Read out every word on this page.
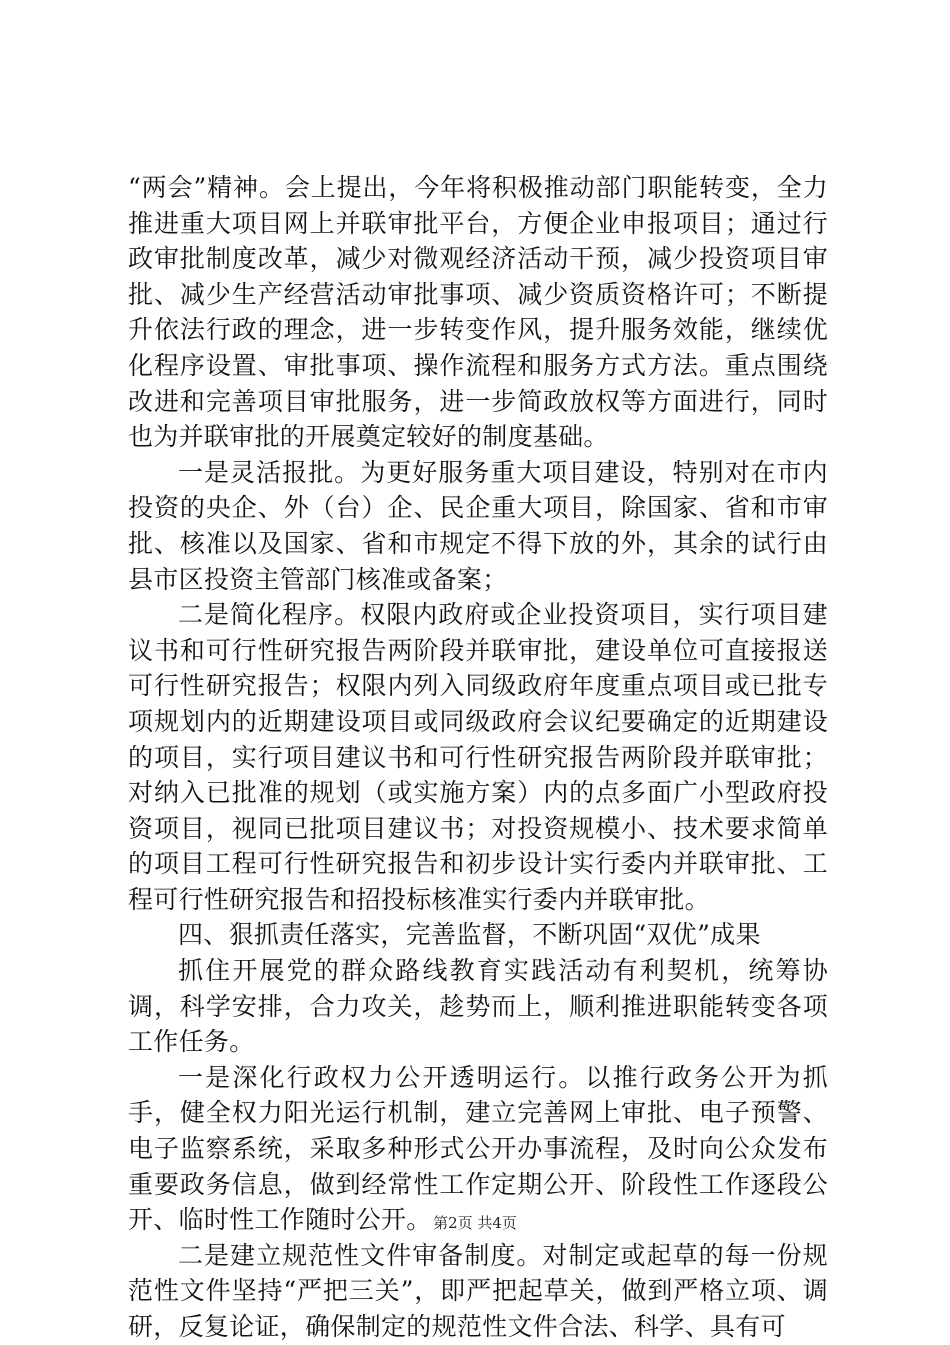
“两会”精神。会上提出，今年将积极推动部门职能转变，全力推进重大项目网上并联审批平台，方便企业申报项目；通过行政审批制度改革，减少对微观经济活动干预，减少投资项目审批、减少生产经营活动审批事项、减少资质资格许可；不断提升依法行政的理念，进一步转变作风，提升服务效能，继续优化程序设置、审批事项、操作流程和服务方式方法。重点围绕改进和完善项目审批服务，进一步简政放权等方面进行，同时也为并联审批的开展奠定较好的制度基础。

一是灵活报批。为更好服务重大项目建设，特别对在市内投资的央企、外（台）企、民企重大项目，除国家、省和市审批、核准以及国家、省和市规定不得下放的外，其余的试行由县市区投资主管部门核准或备案；

二是简化程序。权限内政府或企业投资项目，实行项目建议书和可行性研究报告两阶段并联审批，建设单位可直接报送可行性研究报告；权限内列入同级政府年度重点项目或已批专项规划内的近期建设项目或同级政府会议纪要确定的近期建设的项目，实行项目建议书和可行性研究报告两阶段并联审批；对纳入已批准的规划（或实施方案）内的点多面广小型政府投资项目，视同已批项目建议书；对投资规模小、技术要求简单的项目工程可行性研究报告和初步设计实行委内并联审批、工程可行性研究报告和招投标核准实行委内并联审批。

四、狠抓责任落实，完善监督，不断巩固“双优”成果

抓住开展党的群众路线教育实践活动有利契机，统筹协调，科学安排，合力攻关，趁势而上，顺利推进职能转变各项工作任务。

一是深化行政权力公开透明运行。以推行政务公开为抓手，健全权力阳光运行机制，建立完善网上审批、电子预警、电子监察系统，采取多种形式公开办事流程，及时向公众发布重要政务信息，做到经常性工作定期公开、阶段性工作逐段公开、临时性工作随时公开。

二是建立规范性文件审备制度。对制定或起草的每一份规范性文件坚持“严把三关”，即严把起草关，做到严格立项、调研，反复论证，确保制定的规范性文件合法、科学、具有可

第2页 共4页
